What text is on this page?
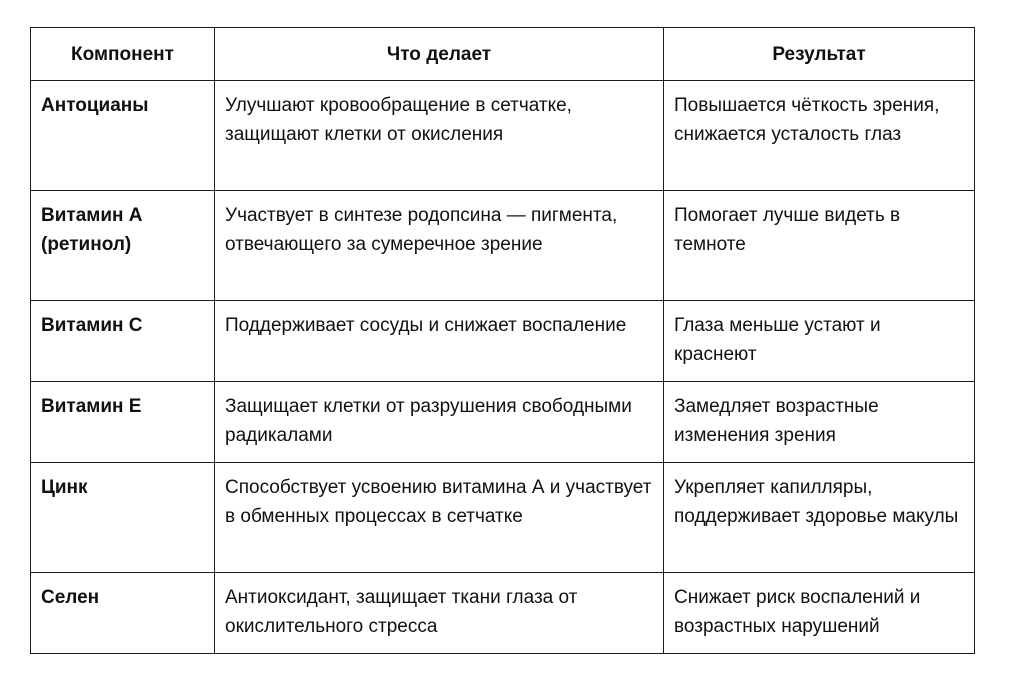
Компонент	Что делает	Результат

Антоцианы	Улучшают кровообращение в сетчатке, защищают клетки от окисления	Повышается чёткость зрения, снижается усталость глаз

Витамин А (ретинол)	Участвует в синтезе родопсина — пигмента, отвечающего за сумеречное зрение	Помогает лучше видеть в темноте

Витамин С	Поддерживает сосуды и снижает воспаление	Глаза меньше устают и краснеют

Витамин Е	Защищает клетки от разрушения свободными радикалами	Замедляет возрастные изменения зрения

Цинк	Способствует усвоению витамина А и участвует в обменных процессах в сетчатке	Укрепляет капилляры, поддерживает здоровье макулы

Селен	Антиоксидант, защищает ткани глаза от окислительного стресса	Снижает риск воспалений и возрастных нарушений
